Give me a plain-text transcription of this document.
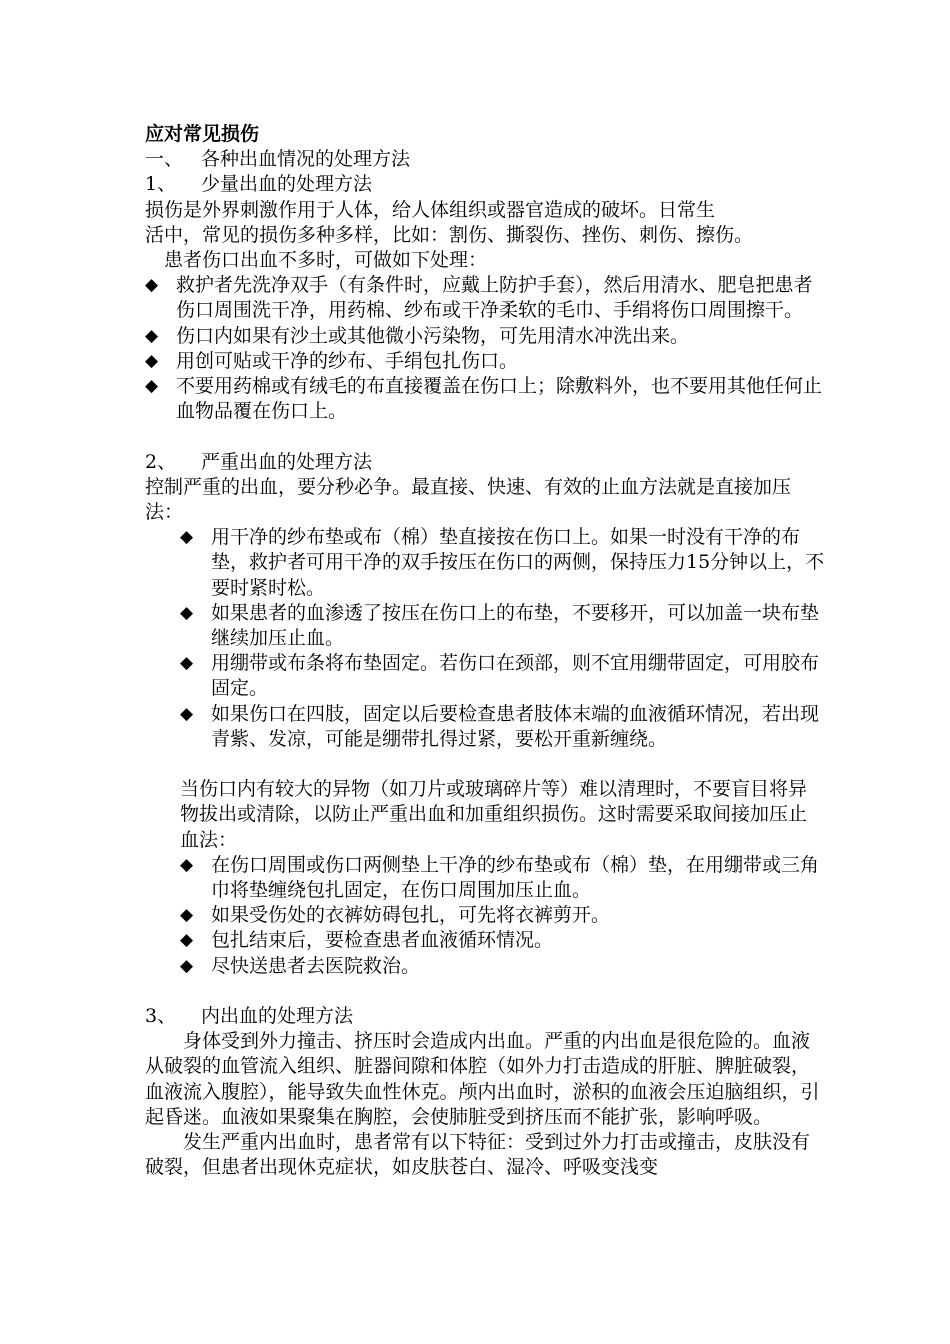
应对常见损伤
一、 各种出血情况的处理方法
1、 少量出血的处理方法
损伤是外界刺激作用于人体，给人体组织或器官造成的破坏。日常生
活中，常见的损伤多种多样，比如：割伤、撕裂伤、挫伤、刺伤、擦伤。
　患者伤口出血不多时，可做如下处理：
◆ 救护者先洗净双手（有条件时，应戴上防护手套），然后用清水、肥皂把患者伤口周围洗干净，用药棉、纱布或干净柔软的毛巾、手绢将伤口周围擦干。
◆ 伤口内如果有沙土或其他微小污染物，可先用清水冲洗出来。
◆ 用创可贴或干净的纱布、手绢包扎伤口。
◆ 不要用药棉或有绒毛的布直接覆盖在伤口上；除敷料外，也不要用其他任何止血物品覆在伤口上。
2、 严重出血的处理方法
控制严重的出血，要分秒必争。最直接、快速、有效的止血方法就是直接加压法：
◆ 用干净的纱布垫或布（棉）垫直接按在伤口上。如果一时没有干净的布垫，救护者可用干净的双手按压在伤口的两侧，保持压力15分钟以上，不要时紧时松。
◆ 如果患者的血渗透了按压在伤口上的布垫，不要移开，可以加盖一块布垫继续加压止血。
◆ 用绷带或布条将布垫固定。若伤口在颈部，则不宜用绷带固定，可用胶布固定。
◆ 如果伤口在四肢，固定以后要检查患者肢体末端的血液循环情况，若出现青紫、发凉，可能是绷带扎得过紧，要松开重新缠绕。
当伤口内有较大的异物（如刀片或玻璃碎片等）难以清理时，不要盲目将异物拔出或清除，以防止严重出血和加重组织损伤。这时需要采取间接加压止血法：
◆ 在伤口周围或伤口两侧垫上干净的纱布垫或布（棉）垫，在用绷带或三角巾将垫缠绕包扎固定，在伤口周围加压止血。
◆ 如果受伤处的衣裤妨碍包扎，可先将衣裤剪开。
◆ 包扎结束后，要检查患者血液循环情况。
◆ 尽快送患者去医院救治。
3、 内出血的处理方法
身体受到外力撞击、挤压时会造成内出血。严重的内出血是很危险的。血液从破裂的血管流入组织、脏器间隙和体腔（如外力打击造成的肝脏、脾脏破裂，血液流入腹腔），能导致失血性休克。颅内出血时，淤积的血液会压迫脑组织，引起昏迷。血液如果聚集在胸腔，会使肺脏受到挤压而不能扩张，影响呼吸。
发生严重内出血时，患者常有以下特征：受到过外力打击或撞击，皮肤没有破裂，但患者出现休克症状，如皮肤苍白、湿冷、呼吸变浅变
